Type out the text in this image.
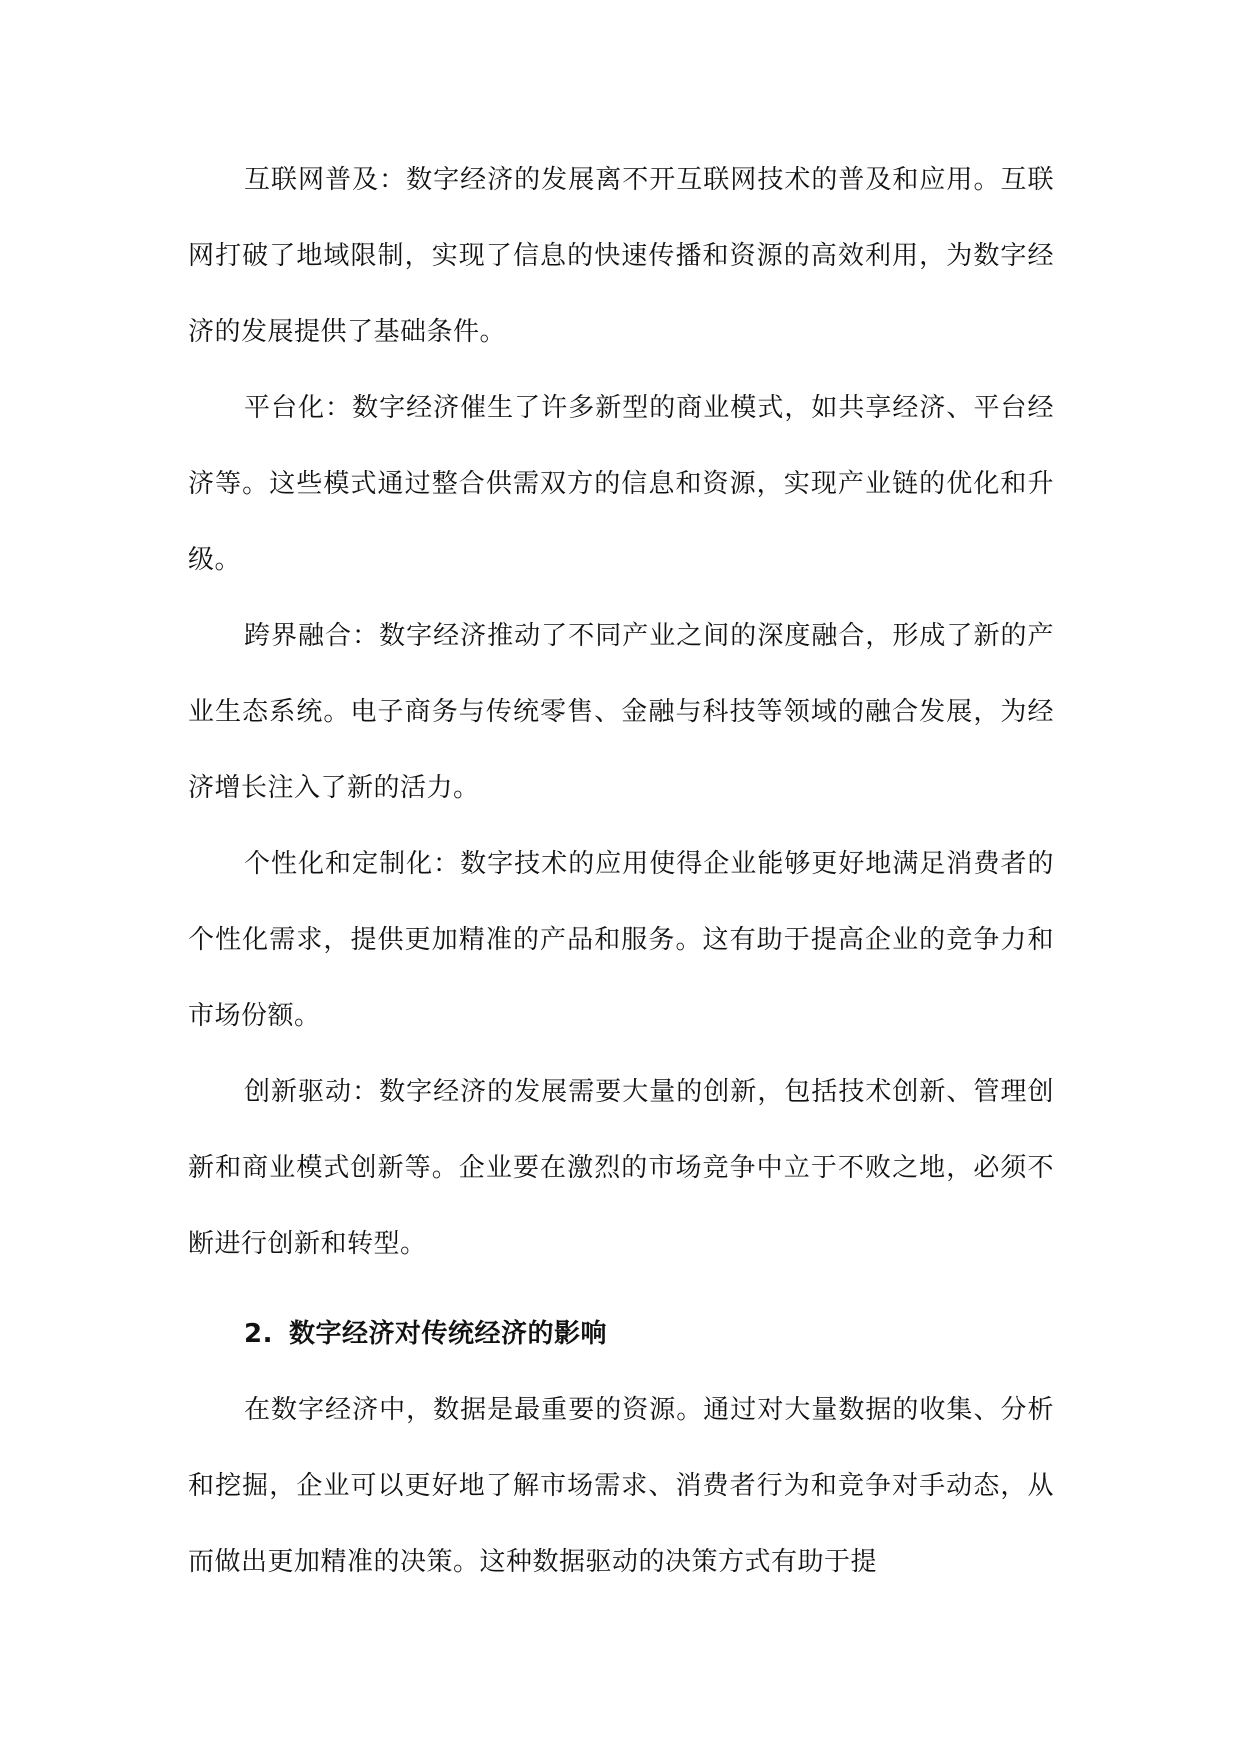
互联网普及：数字经济的发展离不开互联网技术的普及和应用。互联网打破了地域限制，实现了信息的快速传播和资源的高效利用，为数字经济的发展提供了基础条件。

平台化：数字经济催生了许多新型的商业模式，如共享经济、平台经济等。这些模式通过整合供需双方的信息和资源，实现产业链的优化和升级。

跨界融合：数字经济推动了不同产业之间的深度融合，形成了新的产业生态系统。电子商务与传统零售、金融与科技等领域的融合发展，为经济增长注入了新的活力。

个性化和定制化：数字技术的应用使得企业能够更好地满足消费者的个性化需求，提供更加精准的产品和服务。这有助于提高企业的竞争力和市场份额。

创新驱动：数字经济的发展需要大量的创新，包括技术创新、管理创新和商业模式创新等。企业要在激烈的市场竞争中立于不败之地，必须不断进行创新和转型。

2. 数字经济对传统经济的影响

在数字经济中，数据是最重要的资源。通过对大量数据的收集、分析和挖掘，企业可以更好地了解市场需求、消费者行为和竞争对手动态，从而做出更加精准的决策。这种数据驱动的决策方式有助于提
